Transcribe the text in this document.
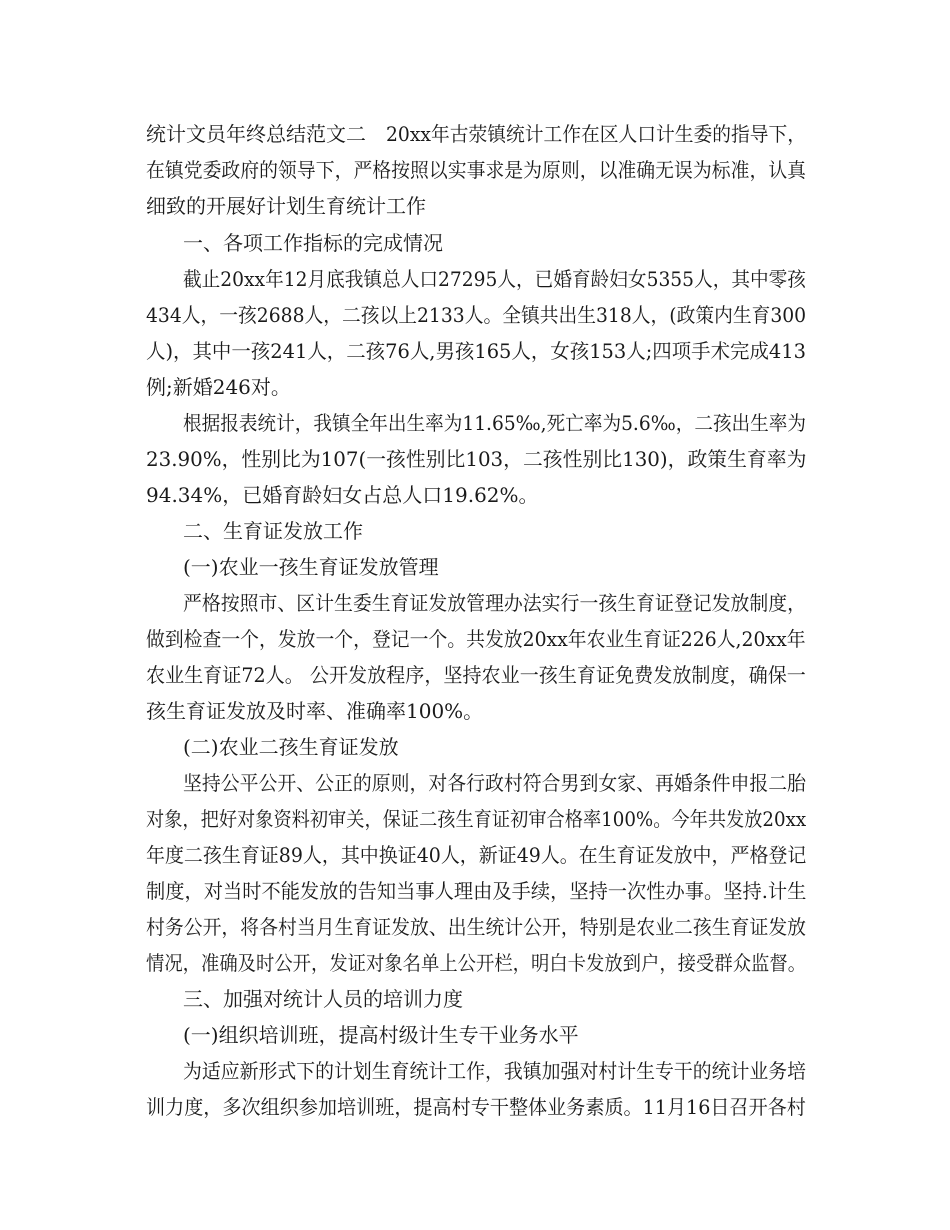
统计文员年终总结范文二 20xx年古荥镇统计工作在区人口计生委的指导下，
在镇党委政府的领导下，严格按照以实事求是为原则，以准确无误为标准，认真
细致的开展好计划生育统计工作
一、各项工作指标的完成情况
截止20xx年12月底我镇总人口27295人，已婚育龄妇女5355人，其中零孩
434人，一孩2688人，二孩以上2133人。全镇共出生318人，(政策内生育300
人)，其中一孩241人，二孩76人,男孩165人，女孩153人;四项手术完成413
例;新婚246对。
根据报表统计，我镇全年出生率为11.65‰,死亡率为5.6‰，二孩出生率为
23.90%，性别比为107(一孩性别比103，二孩性别比130)，政策生育率为
94.34%，已婚育龄妇女占总人口19.62%。
二、生育证发放工作
(一)农业一孩生育证发放管理
严格按照市、区计生委生育证发放管理办法实行一孩生育证登记发放制度，
做到检查一个，发放一个，登记一个。共发放20xx年农业生育证226人,20xx年
农业生育证72人。 公开发放程序，坚持农业一孩生育证免费发放制度，确保一
孩生育证发放及时率、准确率100%。
(二)农业二孩生育证发放
坚持公平公开、公正的原则，对各行政村符合男到女家、再婚条件申报二胎
对象，把好对象资料初审关，保证二孩生育证初审合格率100%。今年共发放20xx
年度二孩生育证89人，其中换证40人，新证49人。在生育证发放中，严格登记
制度，对当时不能发放的告知当事人理由及手续，坚持一次性办事。坚持.计生
村务公开，将各村当月生育证发放、出生统计公开，特别是农业二孩生育证发放
情况，准确及时公开，发证对象名单上公开栏，明白卡发放到户，接受群众监督。
三、加强对统计人员的培训力度
(一)组织培训班，提高村级计生专干业务水平
为适应新形式下的计划生育统计工作，我镇加强对村计生专干的统计业务培
训力度，多次组织参加培训班，提高村专干整体业务素质。11月16日召开各村
